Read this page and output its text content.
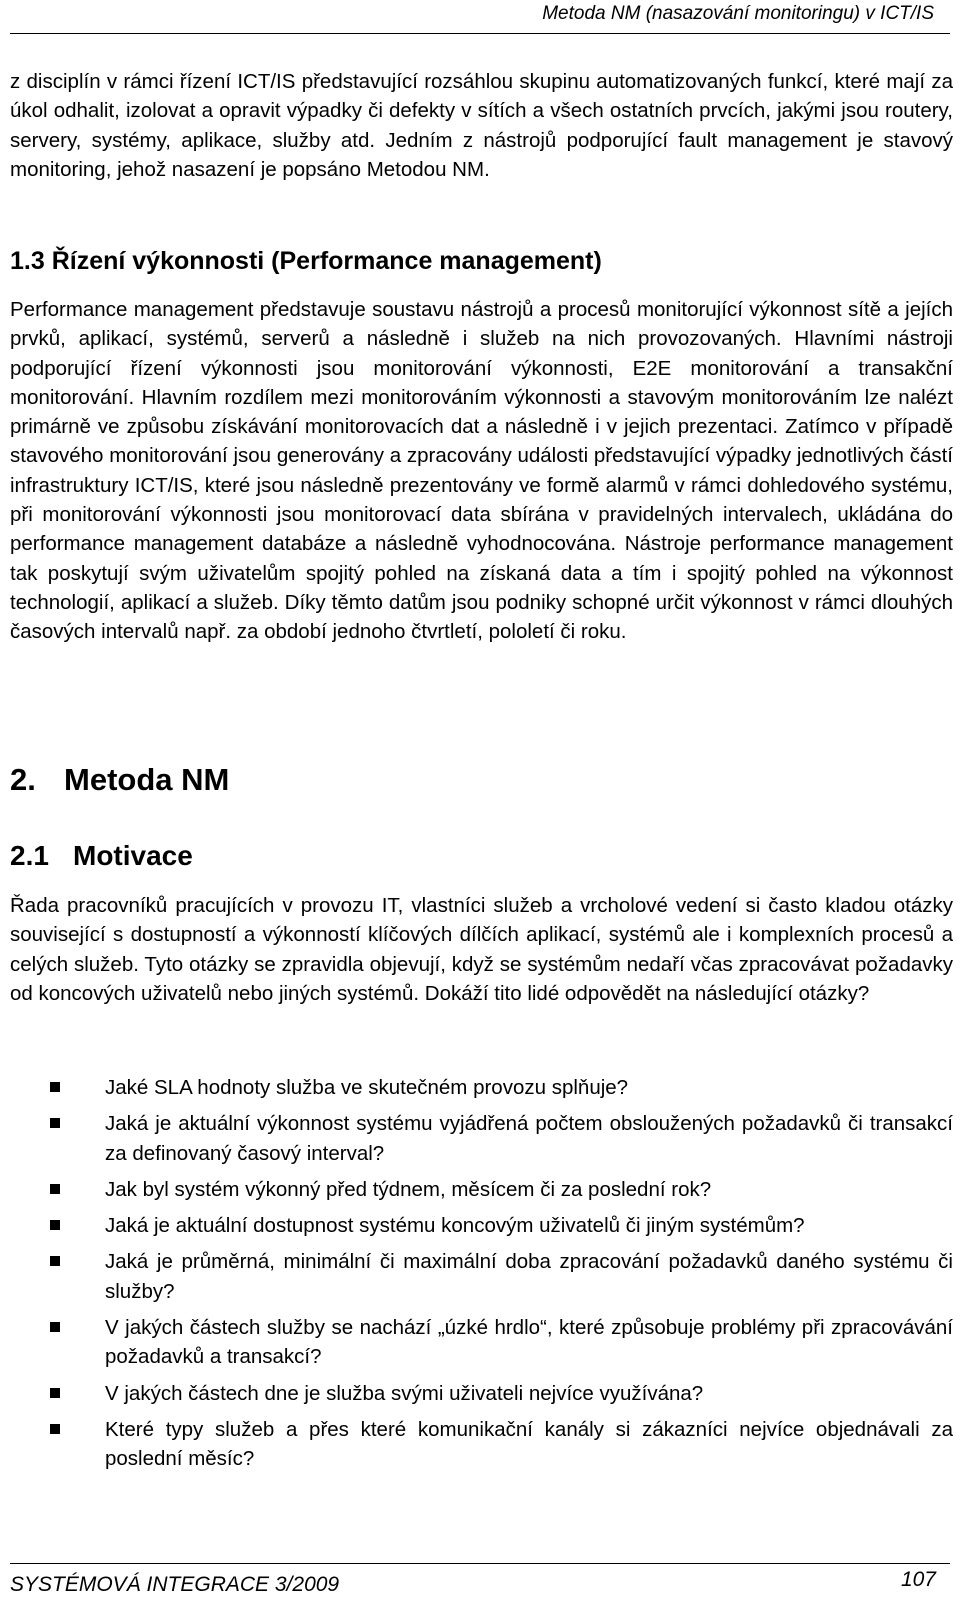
Metoda NM (nasazování monitoringu) v ICT/IS

z disciplín v rámci řízení ICT/IS představující rozsáhlou skupinu automatizovaných funkcí, které mají za úkol odhalit, izolovat a opravit výpadky či defekty v sítích a všech ostatních prvcích, jakými jsou routery, servery, systémy, aplikace, služby atd. Jedním z nástrojů podporující fault management je stavový monitoring, jehož nasazení je popsáno Metodou NM.

1.3 Řízení výkonnosti (Performance management)

Performance management představuje soustavu nástrojů a procesů monitorující výkonnost sítě a jejích prvků, aplikací, systémů, serverů a následně i služeb na nich provozovaných. Hlavními nástroji podporující řízení výkonnosti jsou monitorování výkonnosti, E2E monitorování a transakční monitorování. Hlavním rozdílem mezi monitorováním výkonnosti a stavovým monitorováním lze nalézt primárně ve způsobu získávání monitorovacích dat a následně i v jejich prezentaci. Zatímco v případě stavového monitorování jsou generovány a zpracovány události představující výpadky jednotlivých částí infrastruktury ICT/IS, které jsou následně prezentovány ve formě alarmů v rámci dohledového systému, při monitorování výkonnosti jsou monitorovací data sbírána v pravidelných intervalech, ukládána do performance management databáze a následně vyhodnocována. Nástroje performance management tak poskytují svým uživatelům spojitý pohled na získaná data a tím i spojitý pohled na výkonnost technologií, aplikací a služeb. Díky těmto datům jsou podniky schopné určit výkonnost v rámci dlouhých časových intervalů např. za období jednoho čtvrtletí, pololetí či roku.

2. Metoda NM
2.1 Motivace

Řada pracovníků pracujících v provozu IT, vlastníci služeb a vrcholové vedení si často kladou otázky související s dostupností a výkonností klíčových dílčích aplikací, systémů ale i komplexních procesů a celých služeb. Tyto otázky se zpravidla objevují, když se systémům nedaří včas zpracovávat požadavky od koncových uživatelů nebo jiných systémů. Dokáží tito lidé odpovědět na následující otázky?

Jaké SLA hodnoty služba ve skutečném provozu splňuje?
Jaká je aktuální výkonnost systému vyjádřená počtem obsloužených požadavků či transakcí za definovaný časový interval?
Jak byl systém výkonný před týdnem, měsícem či za poslední rok?
Jaká je aktuální dostupnost systému koncovým uživatelů či jiným systémům?
Jaká je průměrná, minimální či maximální doba zpracování požadavků daného systému či služby?
V jakých částech služby se nachází „úzké hrdlo“, které způsobuje problémy při zpracovávání požadavků a transakcí?
V jakých částech dne je služba svými uživateli nejvíce využívána?
Které typy služeb a přes které komunikační kanály si zákazníci nejvíce objednávali za poslední měsíc?
SYSTÉMOVÁ INTEGRACE 3/2009	107
